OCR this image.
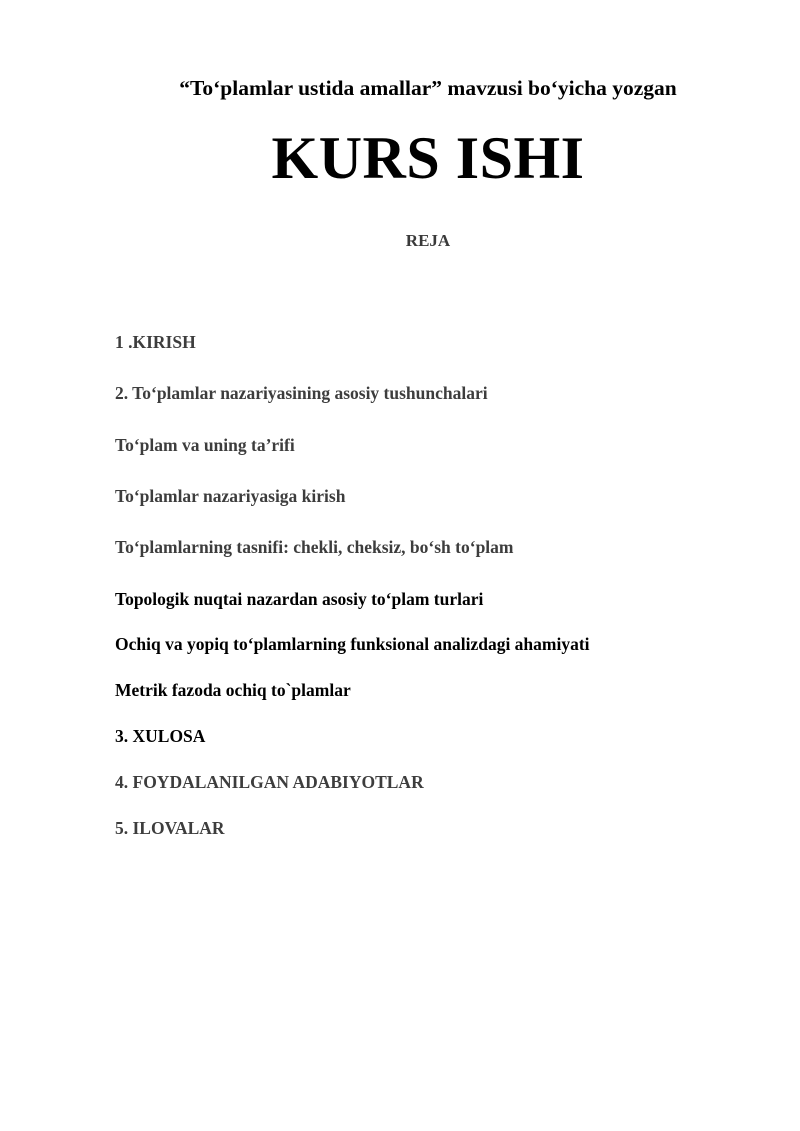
“To‘plamlar ustida amallar” mavzusi bo‘yicha yozgan
KURS ISHI
REJA
1 .KIRISH
2. To‘plamlar nazariyasining asosiy tushunchalari
To‘plam va uning ta’rifi
To‘plamlar nazariyasiga kirish
To‘plamlarning tasnifi: chekli, cheksiz, bo‘sh to‘plam
Topologik nuqtai nazardan asosiy to‘plam turlari
Ochiq va yopiq to‘plamlarning funksional analizdagi ahamiyati
Metrik fazoda ochiq to`plamlar
3. XULOSA
4. FOYDALANILGAN ADABIYOTLAR
5. ILOVALAR
